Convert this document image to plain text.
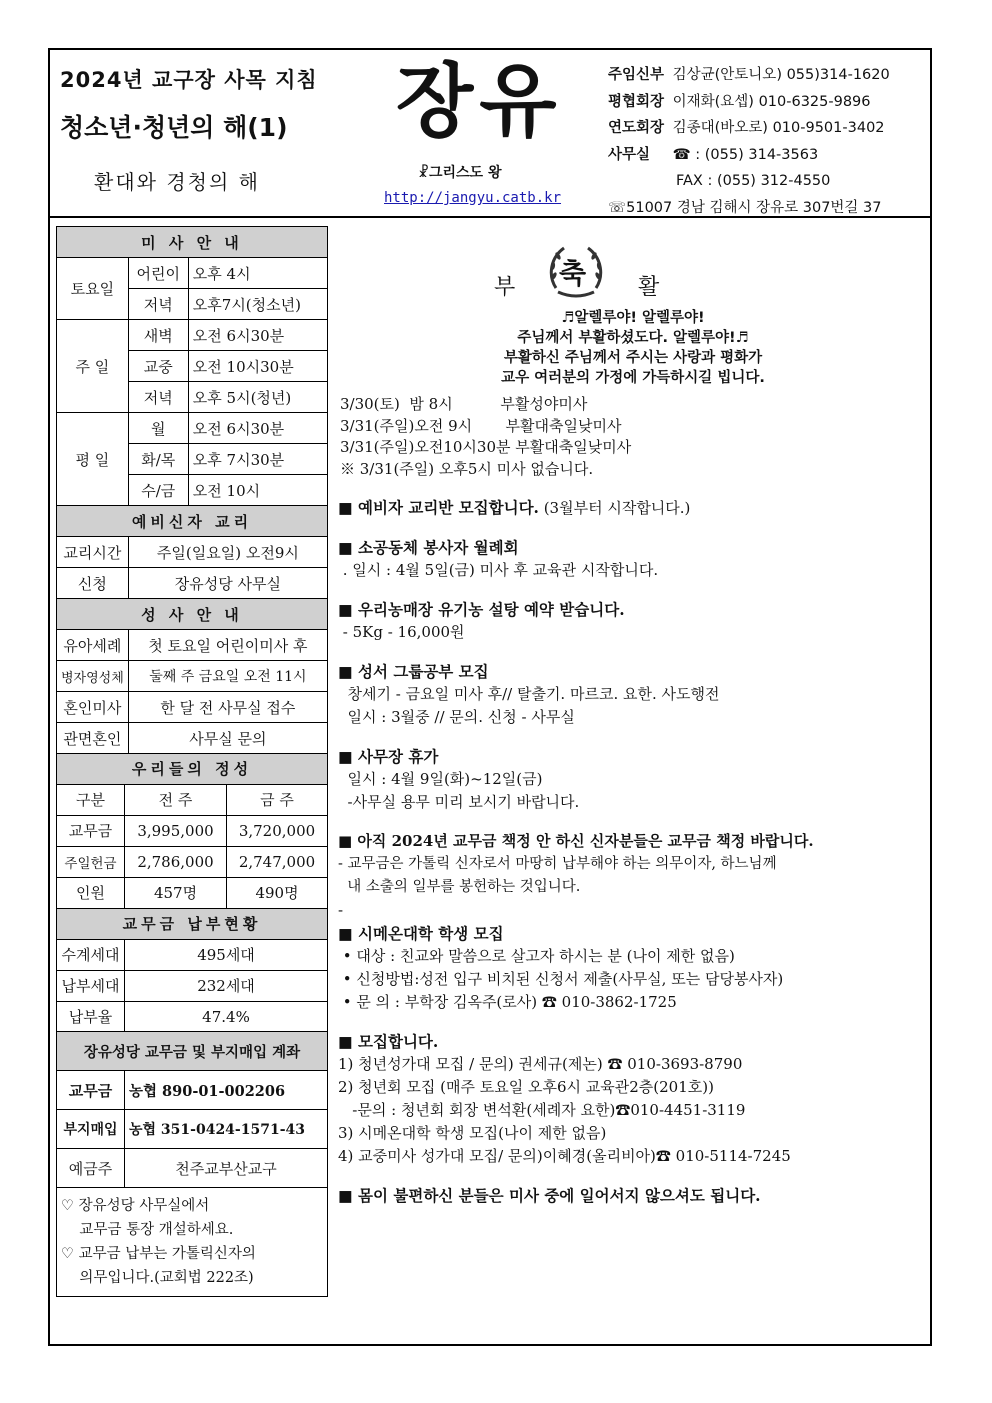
2024년 교구장 사목 지침
청소년·청년의 해(1)
환대와 경청의 해
장유
☧그리스도 왕
http://jangyu.catb.kr
주임신부 김상균(안토니오) 055)314-1620
평협회장 이재화(요셉) 010-6325-9896
연도회장 김종대(바오로) 010-9501-3402
사무실 ☎ : (055) 314-3563
FAX : (055) 312-4550
☏51007 경남 김해시 장유로 307번길 37
미 사 안 내		
토요일	어린이	오후 4시
	저녁	오후7시(청소년)
주 일	새벽	오전 6시30분
	교중	오전 10시30분
	저녁	오후 5시(청년)
평 일	월	오전 6시30분
	화/목	오후 7시30분
	수/금	오전 10시
예비신자 교리		
교리시간	주일(일요일) 오전9시	
신청	장유성당 사무실	
성 사 안 내		
유아세례	첫 토요일 어린이미사 후	
병자영성체	둘째 주 금요일 오전 11시	
혼인미사	한 달 전 사무실 접수	
관면혼인	사무실 문의	
우리들의 정성		
구분	전 주	금 주
교무금	3,995,000	3,720,000
주일헌금	2,786,000	2,747,000
인원	457명	490명
교무금 납부현황		
수계세대	495세대	
납부세대	232세대	
납부율	47.4%	
장유성당 교무금 및 부지매입 계좌	
교무금	농협 890-01-002206
부지매입	농협 351-0424-1571-43
예금주	천주교부산교구
♡ 장유성당 사무실에서
교무금 통장 개설하세요.
♡ 교무금 납부는 가톨릭신자의
의무입니다.(교회법 222조)
부 축 활
♬알렐루야! 알렐루야!
주님께서 부활하셨도다. 알렐루야!♬
부활하신 주님께서 주시는 사랑과 평화가
교우 여러분의 가정에 가득하시길 빕니다.
3/30(토)  밤 8시          부활성야미사
3/31(주일)오전 9시       부활대축일낮미사
3/31(주일)오전10시30분 부활대축일낮미사
※ 3/31(주일) 오후5시 미사 없습니다.
■ 예비자 교리반 모집합니다. (3월부터 시작합니다.)
■ 소공동체 봉사자 월례회
. 일시 : 4월 5일(금) 미사 후 교육관 시작합니다.
■ 우리농매장 유기농 설탕 예약 받습니다.
- 5Kg - 16,000원
■ 성서 그룹공부 모집
창세기 - 금요일 미사 후// 탈출기. 마르코. 요한. 사도행전
일시 : 3월중 // 문의. 신청 - 사무실
■ 사무장 휴가
일시 : 4월 9일(화)~12일(금)
-사무실 용무 미리 보시기 바랍니다.
■ 아직 2024년 교무금 책정 안 하신 신자분들은 교무금 책정 바랍니다.
- 교무금은 가톨릭 신자로서 마땅히 납부해야 하는 의무이자, 하느님께
내 소출의 일부를 봉헌하는 것입니다.
-
■ 시메온대학 학생 모집
• 대상 : 친교와 말씀으로 살고자 하시는 분 (나이 제한 없음)
• 신청방법:성전 입구 비치된 신청서 제출(사무실, 또는 담당봉사자)
• 문 의 : 부학장 김옥주(로사) ☎ 010-3862-1725
■ 모집합니다.
1) 청년성가대 모집 / 문의) 권세규(제논) ☎ 010-3693-8790
2) 청년회 모집 (매주 토요일 오후6시 교육관2층(201호))
-문의 : 청년회 회장 변석환(세례자 요한)☎010-4451-3119
3) 시메온대학 학생 모집(나이 제한 없음)
4) 교중미사 성가대 모집/ 문의)이혜경(올리비아)☎ 010-5114-7245
■ 몸이 불편하신 분들은 미사 중에 일어서지 않으셔도 됩니다.
